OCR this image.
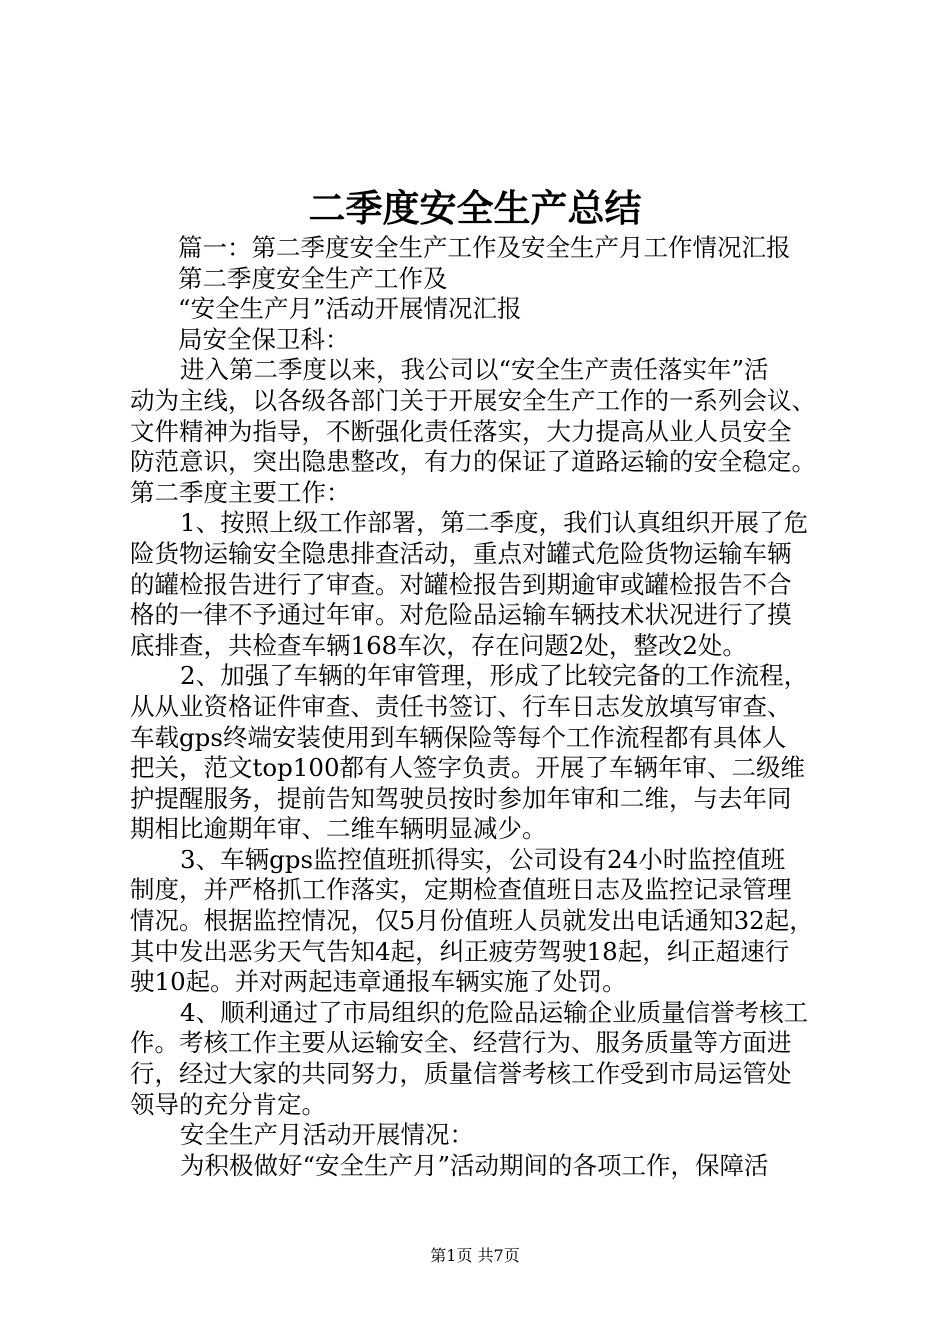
二季度安全生产总结
篇一：第二季度安全生产工作及安全生产月工作情况汇报
第二季度安全生产工作及
“安全生产月”活动开展情况汇报
局安全保卫科：
进入第二季度以来，我公司以“安全生产责任落实年”活
动为主线，以各级各部门关于开展安全生产工作的一系列会议、
文件精神为指导，不断强化责任落实，大力提高从业人员安全
防范意识，突出隐患整改，有力的保证了道路运输的安全稳定。
第二季度主要工作：
1、按照上级工作部署，第二季度，我们认真组织开展了危
险货物运输安全隐患排查活动，重点对罐式危险货物运输车辆
的罐检报告进行了审查。对罐检报告到期逾审或罐检报告不合
格的一律不予通过年审。对危险品运输车辆技术状况进行了摸
底排查，共检查车辆168车次，存在问题2处，整改2处。
2、加强了车辆的年审管理，形成了比较完备的工作流程，
从从业资格证件审查、责任书签订、行车日志发放填写审查、
车载gps终端安装使用到车辆保险等每个工作流程都有具体人
把关，范文top100都有人签字负责。开展了车辆年审、二级维
护提醒服务，提前告知驾驶员按时参加年审和二维，与去年同
期相比逾期年审、二维车辆明显减少。
3、车辆gps监控值班抓得实，公司设有24小时监控值班
制度，并严格抓工作落实，定期检查值班日志及监控记录管理
情况。根据监控情况，仅5月份值班人员就发出电话通知32起，
其中发出恶劣天气告知4起，纠正疲劳驾驶18起，纠正超速行
驶10起。并对两起违章通报车辆实施了处罚。
4、顺利通过了市局组织的危险品运输企业质量信誉考核工
作。考核工作主要从运输安全、经营行为、服务质量等方面进
行，经过大家的共同努力，质量信誉考核工作受到市局运管处
领导的充分肯定。
安全生产月活动开展情况：
为积极做好“安全生产月”活动期间的各项工作，保障活
第1页 共7页
